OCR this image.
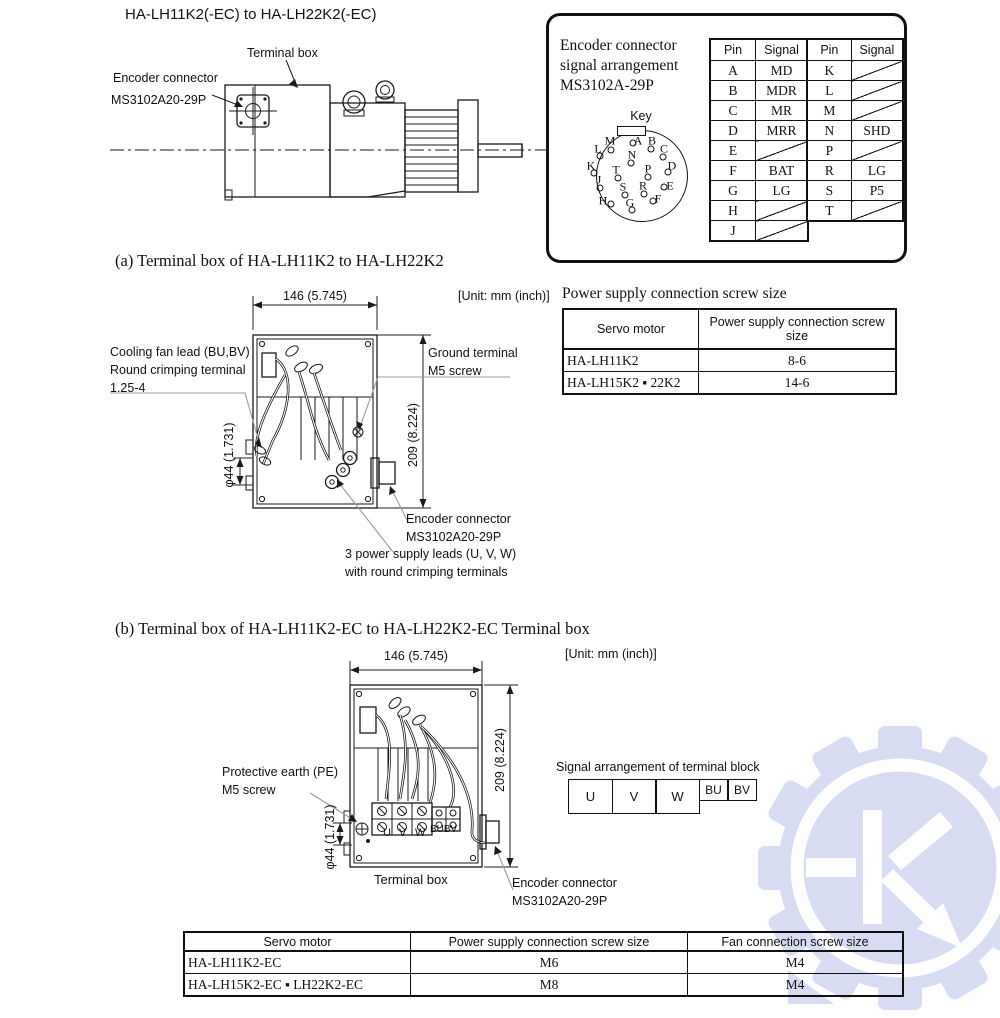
HA-LH11K2(-EC) to HA-LH22K2(-EC)
Terminal box
Encoder connector
MS3102A20-29P
Encoder connector
signal arrangement
MS3102A-29P
Key
A B
C
D
E
F
G
H
J
K
L
M
N
T P
S R
Pin	Signal
A	MD
B	MDR
C	MR
D	MRR
E	
F	BAT
G	LG
H	
J	
Pin	Signal
K	
L	
M	
N	SHD
P	
R	LG
S	P5
T	
(a) Terminal box of HA-LH11K2 to HA-LH22K2
146 (5.745)	[Unit: mm (inch)]
Cooling fan lead (BU,BV)
Round crimping terminal
1.25-4
Ground terminal
M5 screw
209 (8.224)
φ44 (1.731)
Encoder connector
MS3102A20-29P
3 power supply leads (U, V, W)
with round crimping terminals
Power supply connection screw size
Servo motor	Power supply connection screw size
HA-LH11K2	8-6
HA-LH15K2 ▪ 22K2	14-6
(b) Terminal box of HA-LH11K2-EC to HA-LH22K2-EC Terminal box
146 (5.745)	[Unit: mm (inch)]
Protective earth (PE)
M5 screw	209 (8.224)
φ44 (1.731)	U V W BUBV
Terminal box	Encoder connector
MS3102A20-29P
Signal arrangement of terminal block
U	V	W	BU	BV
Servo motor	Power supply connection screw size	Fan connection screw size
HA-LH11K2-EC	M6	M4
HA-LH15K2-EC ▪ LH22K2-EC	M8	M4
